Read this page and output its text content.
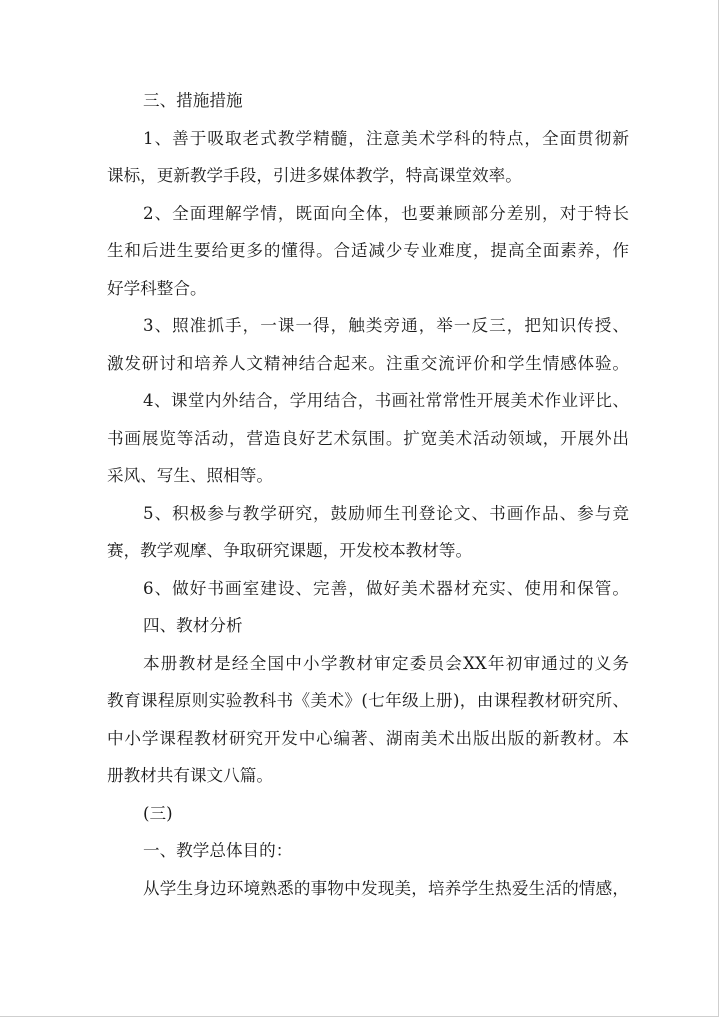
三、措施措施
1、善于吸取老式教学精髓，注意美术学科的特点，全面贯彻新
课标，更新教学手段，引进多媒体教学，特高课堂效率。
2、全面理解学情，既面向全体，也要兼顾部分差别，对于特长
生和后进生要给更多的懂得。合适减少专业难度，提高全面素养，作
好学科整合。
3、照准抓手，一课一得，触类旁通，举一反三，把知识传授、
激发研讨和培养人文精神结合起来。注重交流评价和学生情感体验。
4、课堂内外结合，学用结合，书画社常常性开展美术作业评比、
书画展览等活动，营造良好艺术氛围。扩宽美术活动领域，开展外出
采风、写生、照相等。
5、积极参与教学研究，鼓励师生刊登论文、书画作品、参与竞
赛，教学观摩、争取研究课题，开发校本教材等。
6、做好书画室建设、完善，做好美术器材充实、使用和保管。
四、教材分析
本册教材是经全国中小学教材审定委员会XX年初审通过的义务
教育课程原则实验教科书《美术》(七年级上册)，由课程教材研究所、
中小学课程教材研究开发中心编著、湖南美术出版出版的新教材。本
册教材共有课文八篇。
(三)
一、教学总体目的：
从学生身边环境熟悉的事物中发现美，培养学生热爱生活的情感，
